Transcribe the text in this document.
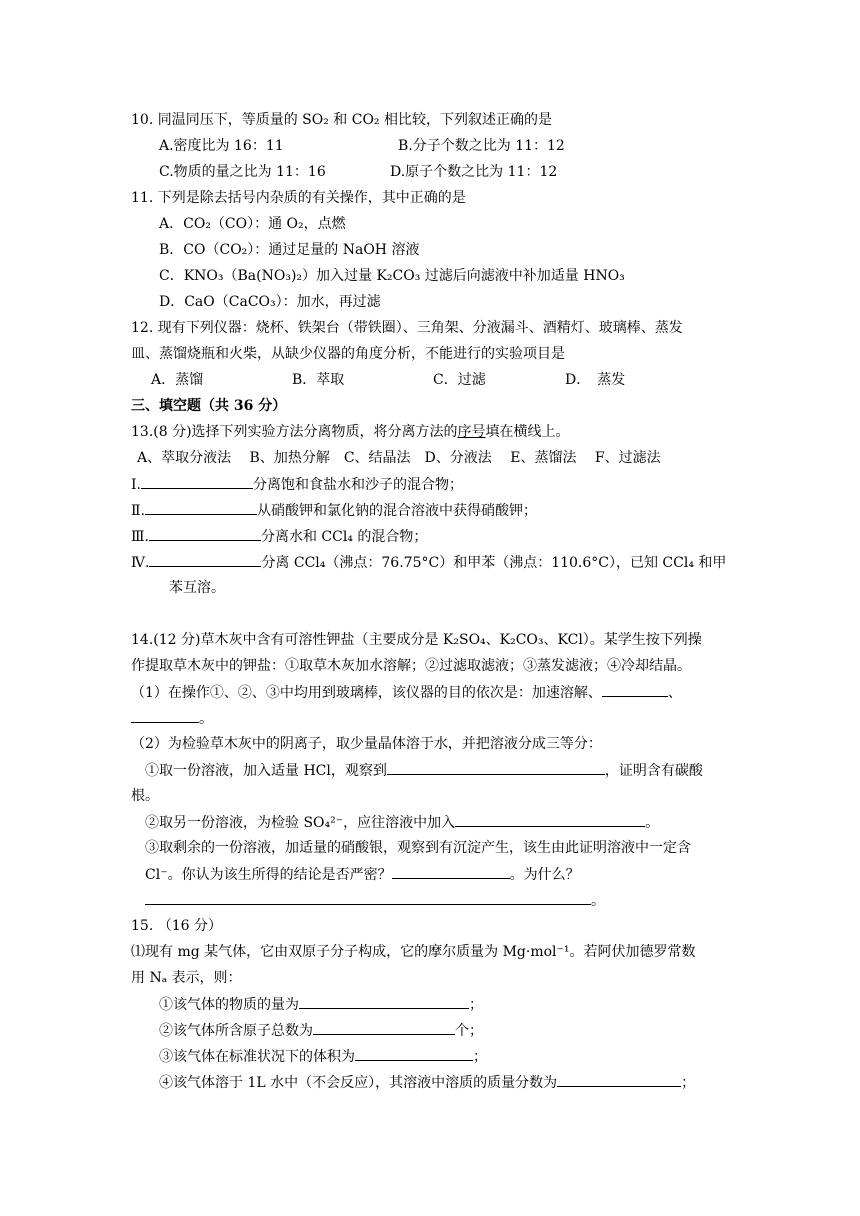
10. 同温同压下，等质量的 SO₂ 和 CO₂ 相比较，下列叙述正确的是
A.密度比为 16：11	B.分子个数之比为 11：12
C.物质的量之比为 11：16	D.原子个数之比为 11：12
11. 下列是除去括号内杂质的有关操作，其中正确的是
A．CO₂（CO）：通 O₂，点燃
B．CO（CO₂）：通过足量的 NaOH 溶液
C．KNO₃（Ba(NO₃)₂）加入过量 K₂CO₃ 过滤后向滤液中补加适量 HNO₃
D．CaO（CaCO₃）：加水，再过滤
12. 现有下列仪器：烧杯、铁架台（带铁圈）、三角架、分液漏斗、酒精灯、玻璃棒、蒸发
皿、蒸馏烧瓶和火柴，从缺少仪器的角度分析，不能进行的实验项目是
A．蒸馏	B．萃取	C．过滤	D．　蒸发
三、填空题（共 36 分）
13.(8 分)选择下列实验方法分离物质，将分离方法的序号填在横线上。
A、萃取分液法　 B、加热分解　C、结晶法　D、分液法　 E、蒸馏法　 F、过滤法
Ⅰ.	分离饱和食盐水和沙子的混合物；
Ⅱ.	从硝酸钾和氯化钠的混合溶液中获得硝酸钾；
Ⅲ.	分离水和 CCl₄ 的混合物；
Ⅳ.	分离 CCl₄（沸点：76.75°C）和甲苯（沸点：110.6°C），已知 CCl₄ 和甲
苯互溶。
14.(12 分)草木灰中含有可溶性钾盐（主要成分是 K₂SO₄、K₂CO₃、KCl）。某学生按下列操
作提取草木灰中的钾盐：①取草木灰加水溶解；②过滤取滤液；③蒸发滤液；④冷却结晶。
（1）在操作①、②、③中均用到玻璃棒，该仪器的目的依次是：加速溶解、	、
。
（2）为检验草木灰中的阴离子，取少量晶体溶于水，并把溶液分成三等分：
①取一份溶液，加入适量 HCl，观察到	，证明含有碳酸
根。
②取另一份溶液，为检验 SO₄²⁻，应往溶液中加入	。
③取剩余的一份溶液，加适量的硝酸银，观察到有沉淀产生，该生由此证明溶液中一定含
Cl⁻。你认为该生所得的结论是否严密？	。为什么？
。
15. （16 分）
⑴现有 mg 某气体，它由双原子分子构成，它的摩尔质量为 Mg·mol⁻¹。若阿伏加德罗常数
用 Nₐ 表示，则：
①该气体的物质的量为	；
②该气体所含原子总数为	个；
③该气体在标准状况下的体积为	；
④该气体溶于 1L 水中（不会反应），其溶液中溶质的质量分数为	；
